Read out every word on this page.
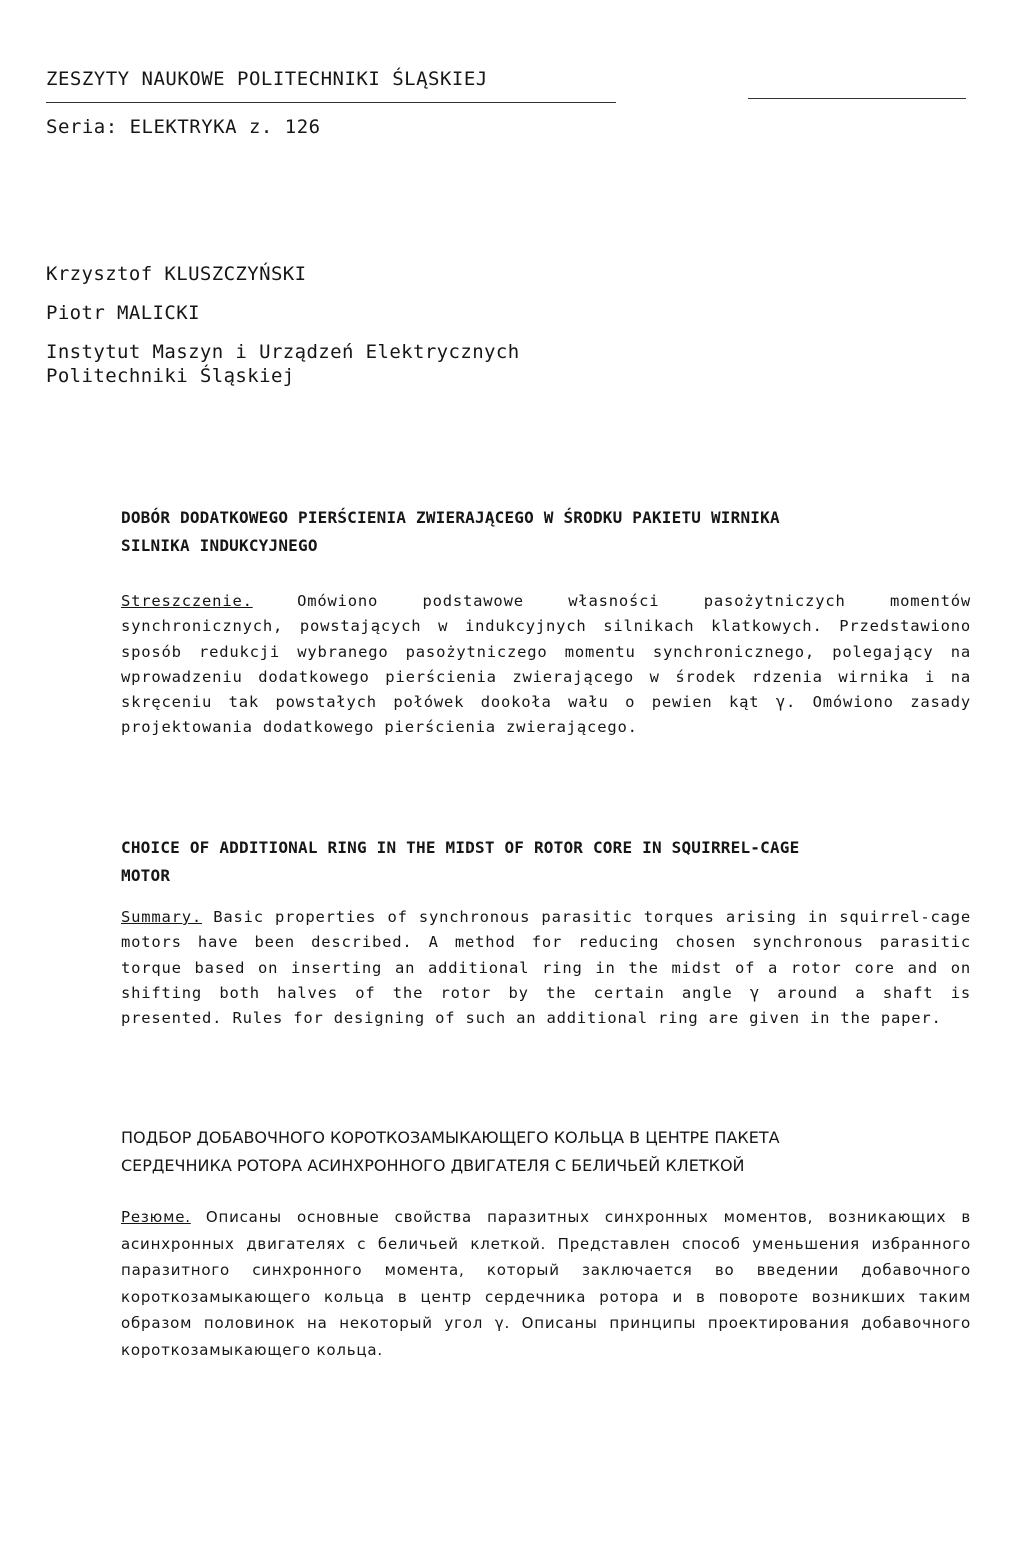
ZESZYTY NAUKOWE POLITECHNIKI ŚLĄSKIEJ
Seria: ELEKTRYKA z. 126
Krzysztof KLUSZCZYŃSKI
Piotr MALICKI
Instytut Maszyn i Urządzeń Elektrycznych
Politechniki Śląskiej
DOBÓR DODATKOWEGO PIERŚCIENIA ZWIERAJĄCEGO W ŚRODKU PAKIETU WIRNIKA
SILNIKA INDUKCYJNEGO
Streszczenie.	Omówiono podstawowe własności pasożytniczych momentów synchronicznych, powstających w indukcyjnych silnikach klatkowych. Przedstawiono sposób redukcji wybranego pasożytniczego momentu synchronicznego, polegający na wprowadzeniu dodatkowego pierścienia zwierającego w środek rdzenia wirnika i na skręceniu tak powstałych połówek dookoła wału o pewien kąt γ. Omówiono zasady projektowania dodatkowego pierścienia zwierającego.
CHOICE OF ADDITIONAL RING IN THE MIDST OF ROTOR CORE IN SQUIRREL-CAGE
MOTOR
Summary. Basic properties of synchronous parasitic torques arising in squirrel-cage motors have been described. A method for reducing chosen synchronous parasitic torque based on inserting an additional ring in the midst of a rotor core and on shifting both halves of the rotor by the certain angle γ around a shaft is presented. Rules for designing of such an additional ring are given in the paper.
ПОДБОР ДОБАВОЧНОГО КОРОТКОЗАМЫКАЮЩЕГО КОЛЬЦА В ЦЕНТРЕ ПАКЕТА
СЕРДЕЧНИКА РОТОРА АСИНХРОННОГО ДВИГАТЕЛЯ С БЕЛИЧЬЕЙ КЛЕТКОЙ
Резюме. Описаны основные свойства паразитных синхронных моментов, возникающих в асинхронных двигателях с беличьей клеткой. Представлен способ уменьшения избранного паразитного синхронного момента, который заключается во введении добавочного короткозамыкающего кольца в центр сердечника ротора и в повороте возникших таким образом половинок на некоторый угол γ. Описаны принципы проектирования добавочного короткозамыкающего кольца.
